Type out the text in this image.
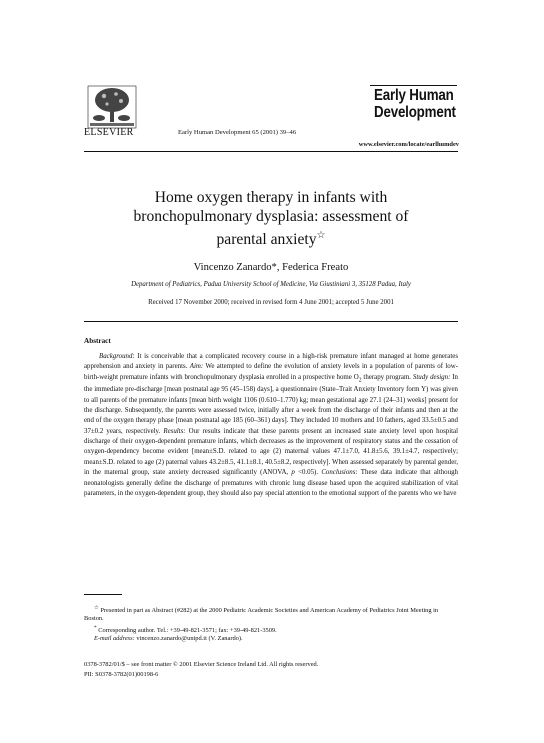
ELSEVIER	Early Human Development 65 (2001) 39–46
Early Human
Development
www.elsevier.com/locate/earlhumdev
Home oxygen therapy in infants with
bronchopulmonary dysplasia: assessment of
parental anxiety☆
Vincenzo Zanardo*, Federica Freato
Department of Pediatrics, Padua University School of Medicine, Via Giustiniani 3, 35128 Padua, Italy
Received 17 November 2000; received in revised form 4 June 2001; accepted 5 June 2001
Abstract

Background: It is conceivable that a complicated recovery course in a high-risk premature infant managed at home generates apprehension and anxiety in parents. Aim: We attempted to define the evolution of anxiety levels in a population of parents of low-birth-weight premature infants with bronchopulmonary dysplasia enrolled in a prospective home $O_2$ therapy program. Study design: In the immediate pre-discharge [mean postnatal age 95 (45–158) days], a questionnaire (State–Trait Anxiety Inventory form Y) was given to all parents of the premature infants [mean birth weight 1106 (0.610–1.770) kg; mean gestational age 27.1 (24–31) weeks] present for the discharge. Subsequently, the parents were assessed twice, initially after a week from the discharge of their infants and then at the end of the oxygen therapy phase [mean postnatal age 185 (60–361) days]. They included 10 mothers and 10 fathers, aged 33.5±0.5 and 37±0.2 years, respectively. Results: Our results indicate that these parents present an increased state anxiety level upon hospital discharge of their oxygen-dependent premature infants, which decreases as the improvement of respiratory status and the cessation of oxygen-dependency become evident [mean±S.D. related to age (2) maternal values 47.1±7.0, 41.8±5.6, 39.1±4.7, respectively; mean±S.D. related to age (2) paternal values 43.2±8.5, 41.1±8.1, 40.5±8.2, respectively]. When assessed separately by parental gender, in the maternal group, state anxiety decreased significantly (ANOVA, p <0.05). Conclusions: These data indicate that although neonatologists generally define the discharge of prematures with chronic lung disease based upon the acquired stabilization of vital parameters, in the oxygen-dependent group, they should also pay special attention to the emotional support of the parents who we have

☆ Presented in part as Abstract (#282) at the 2000 Pediatric Academic Societies and American Academy of Pediatrics Joint Meeting in Boston.
* Corresponding author. Tel.: +39-49-821-3571; fax: +39-49-821-3509.
E-mail address: vincenzo.zanardo@unipd.it (V. Zanardo).
0378-3782/01/$ – see front matter © 2001 Elsevier Science Ireland Ltd. All rights reserved.
PII: S0378-3782(01)00198-6
